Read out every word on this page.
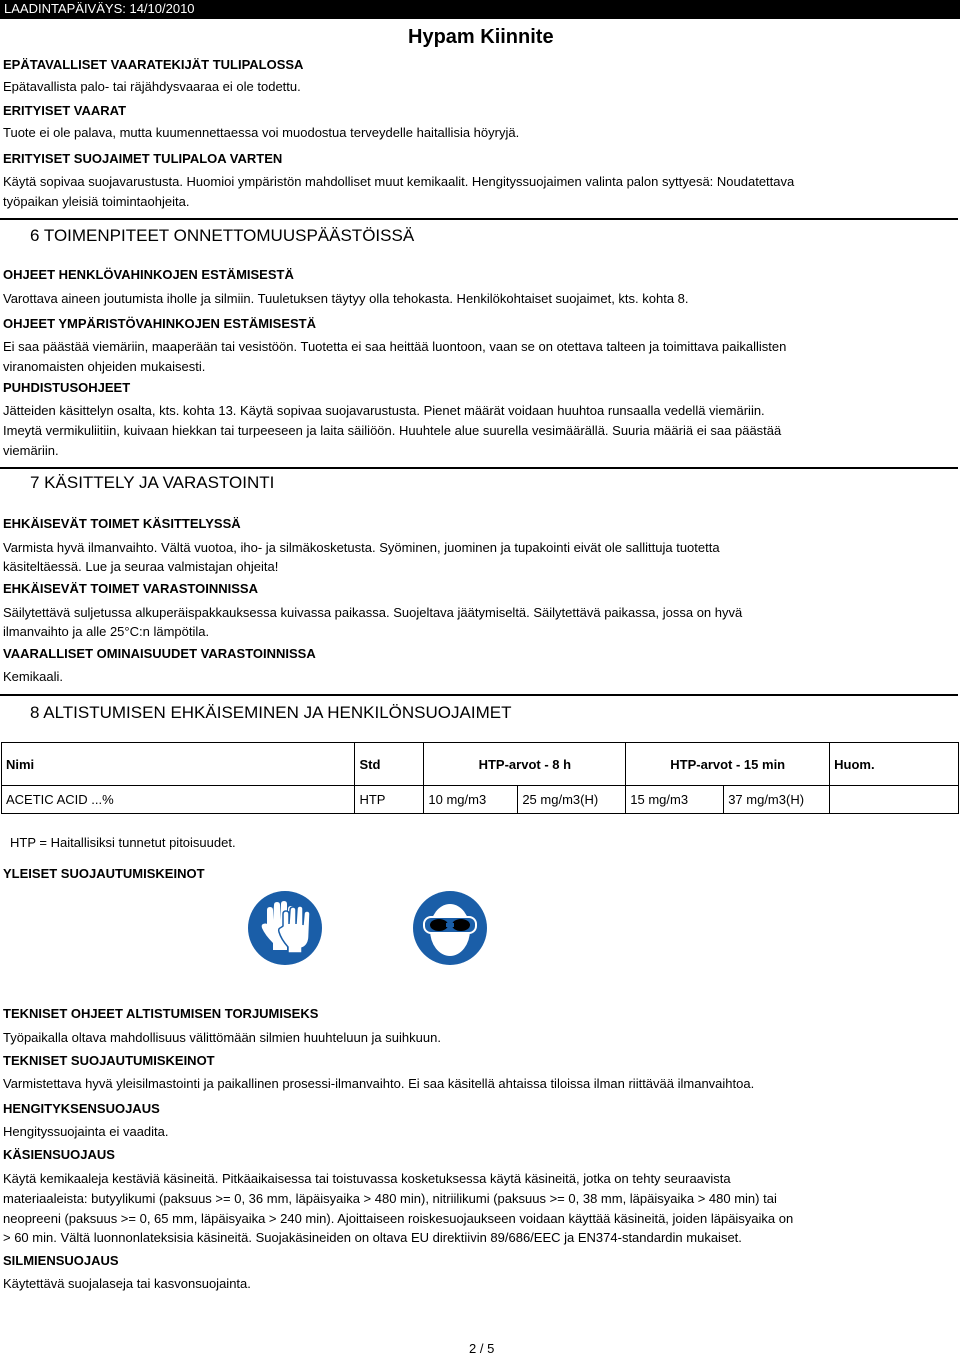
LAADINTAPÄIVÄYS: 14/10/2010
Hypam Kiinnite
EPÄTAVALLISET VAARATEKIJÄT TULIPALOSSA
Epätavallista palo- tai räjähdysvaaraa ei ole todettu.
ERITYISET VAARAT
Tuote ei ole palava, mutta kuumennettaessa voi muodostua terveydelle haitallisia höyryjä.
ERITYISET SUOJAIMET TULIPALOA VARTEN
Käytä sopivaa suojavarustusta. Huomioi ympäristön mahdolliset muut kemikaalit. Hengityssuojaimen valinta palon syttyesä: Noudatettava
työpaikan yleisiä toimintaohjeita.
6 TOIMENPITEET ONNETTOMUUSPÄÄSTÖISSÄ
OHJEET HENKLÖVAHINKOJEN ESTÄMISESTÄ
Varottava aineen joutumista iholle ja silmiin. Tuuletuksen täytyy olla tehokasta. Henkilökohtaiset suojaimet, kts. kohta 8.
OHJEET YMPÄRISTÖVAHINKOJEN ESTÄMISESTÄ
Ei saa päästää viemäriin, maaperään tai vesistöön. Tuotetta ei saa heittää luontoon, vaan se on otettava talteen ja toimittava paikallisten
viranomaisten ohjeiden mukaisesti.
PUHDISTUSOHJEET
Jätteiden käsittelyn osalta, kts. kohta 13. Käytä sopivaa suojavarustusta. Pienet määrät voidaan huuhtoa runsaalla vedellä viemäriin.
Imeytä vermikuliitiin, kuivaan hiekkan tai turpeeseen ja laita säiliöön. Huuhtele alue suurella vesimäärällä. Suuria määriä ei saa päästää
viemäriin.
7 KÄSITTELY JA VARASTOINTI
EHKÄISEVÄT TOIMET KÄSITTELYSSÄ
Varmista hyvä ilmanvaihto. Vältä vuotoa, iho- ja silmäkosketusta. Syöminen, juominen ja tupakointi eivät ole sallittuja tuotetta
käsiteltäessä. Lue ja seuraa valmistajan ohjeita!
EHKÄISEVÄT TOIMET VARASTOINNISSA
Säilytettävä suljetussa alkuperäispakkauksessa kuivassa paikassa. Suojeltava jäätymiseltä. Säilytettävä paikassa, jossa on hyvä
ilmanvaihto ja alle 25°C:n lämpötila.
VAARALLISET OMINAISUUDET VARASTOINNISSA
Kemikaali.
8 ALTISTUMISEN EHKÄISEMINEN JA HENKILÖNSUOJAIMET
Nimi	Std	HTP-arvot - 8 h		HTP-arvot - 15 min		Huom.
ACETIC ACID ...%	HTP	10 mg/m3	25 mg/m3(H)	15 mg/m3	37 mg/m3(H)	
HTP = Haitallisiksi tunnetut pitoisuudet.
YLEISET SUOJAUTUMISKEINOT
TEKNISET OHJEET ALTISTUMISEN TORJUMISEKS
Työpaikalla oltava mahdollisuus välittömään silmien huuhteluun ja suihkuun.
TEKNISET SUOJAUTUMISKEINOT
Varmistettava hyvä yleisilmastointi ja paikallinen prosessi-ilmanvaihto. Ei saa käsitellä ahtaissa tiloissa ilman riittävää ilmanvaihtoa.
HENGITYKSENSUOJAUS
Hengityssuojainta ei vaadita.
KÄSIENSUOJAUS
Käytä kemikaaleja kestäviä käsineitä. Pitkäaikaisessa tai toistuvassa kosketuksessa käytä käsineitä, jotka on tehty seuraavista
materiaaleista: butyylikumi (paksuus >= 0, 36 mm, läpäisyaika > 480 min), nitriilikumi (paksuus >= 0, 38 mm, läpäisyaika > 480 min) tai
neopreeni (paksuus >= 0, 65 mm, läpäisyaika > 240 min). Ajoittaiseen roiskesuojaukseen voidaan käyttää käsineitä, joiden läpäisyaika on
> 60 min. Vältä luonnonlateksisia käsineitä. Suojakäsineiden on oltava EU direktiivin 89/686/EEC ja EN374-standardin mukaiset.
SILMIENSUOJAUS
Käytettävä suojalaseja tai kasvonsuojainta.
2 / 5
